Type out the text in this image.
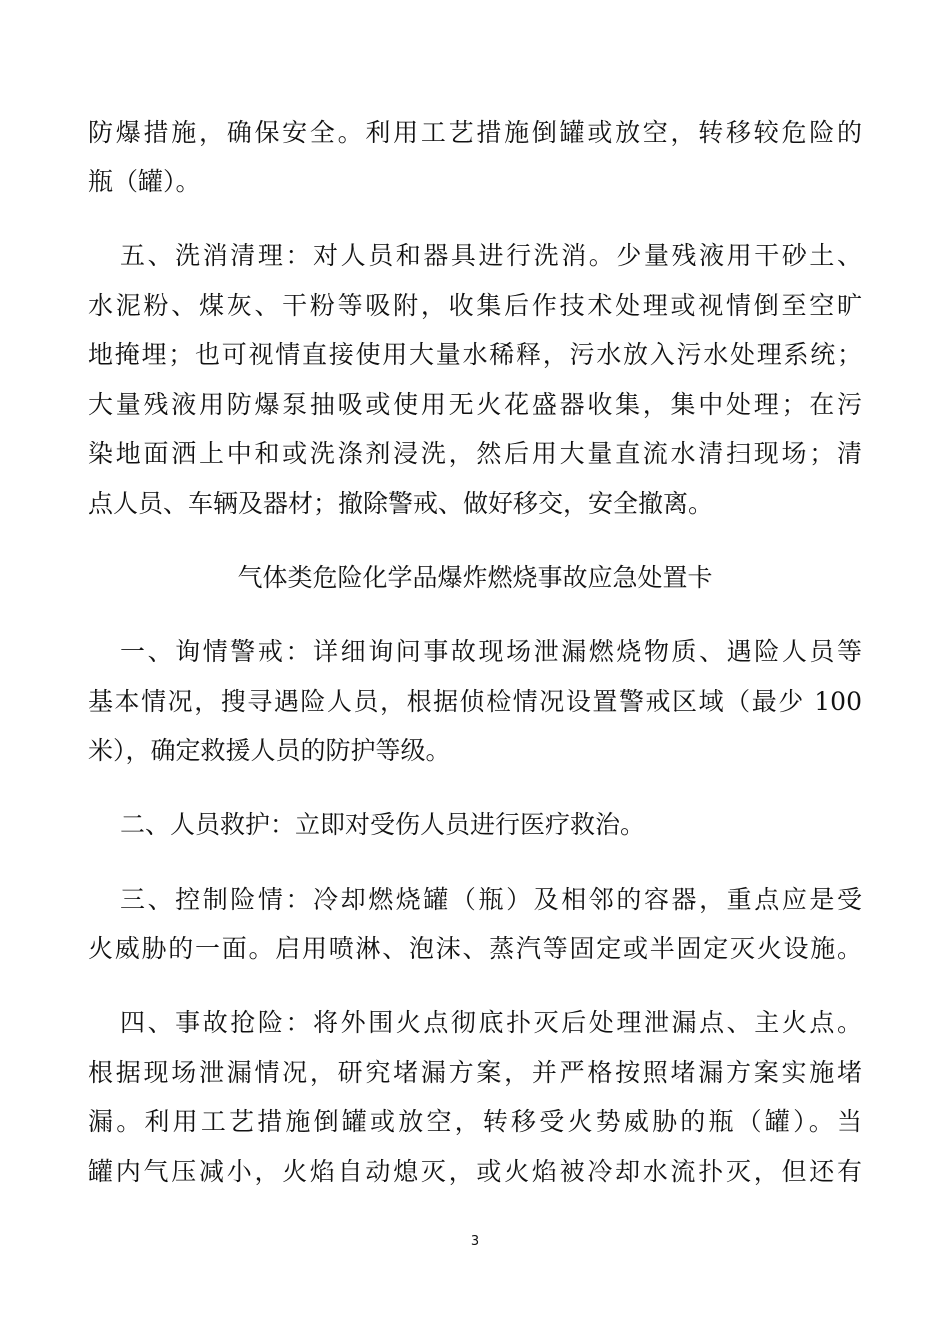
防爆措施，确保安全。利用工艺措施倒罐或放空，转移较危险的
瓶（罐）。
五、洗消清理：对人员和器具进行洗消。少量残液用干砂土、
水泥粉、煤灰、干粉等吸附，收集后作技术处理或视情倒至空旷
地掩埋；也可视情直接使用大量水稀释，污水放入污水处理系统；
大量残液用防爆泵抽吸或使用无火花盛器收集，集中处理；在污
染地面洒上中和或洗涤剂浸洗，然后用大量直流水清扫现场；清
点人员、车辆及器材；撤除警戒、做好移交，安全撤离。
气体类危险化学品爆炸燃烧事故应急处置卡
一、询情警戒：详细询问事故现场泄漏燃烧物质、遇险人员等
基本情况，搜寻遇险人员，根据侦检情况设置警戒区域（最少 100
米），确定救援人员的防护等级。
二、人员救护：立即对受伤人员进行医疗救治。
三、控制险情：冷却燃烧罐（瓶）及相邻的容器，重点应是受
火威胁的一面。启用喷淋、泡沫、蒸汽等固定或半固定灭火设施。
四、事故抢险：将外围火点彻底扑灭后处理泄漏点、主火点。
根据现场泄漏情况，研究堵漏方案，并严格按照堵漏方案实施堵
漏。利用工艺措施倒罐或放空，转移受火势威胁的瓶（罐）。当
罐内气压减小，火焰自动熄灭，或火焰被冷却水流扑灭，但还有
3
